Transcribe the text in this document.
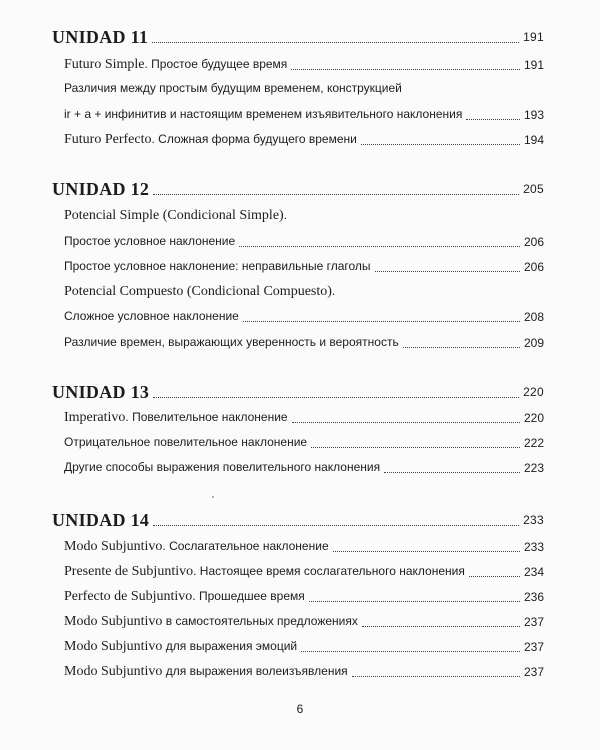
UNIDAD 11	191
Futuro Simple. Простое будущее время	191
Различия между простым будущим временем, конструкцией
ir + a + инфинитив и настоящим временем изъявительного наклонения	193
Futuro Perfecto. Сложная форма будущего времени	194
UNIDAD 12	205
Potencial Simple (Condicional Simple).
Простое условное наклонение	206
Простое условное наклонение: неправильные глаголы	206
Potencial Compuesto (Condicional Compuesto).
Сложное условное наклонение	208
Различие времен, выражающих уверенность и вероятность	209
UNIDAD 13	220
Imperativo. Повелительное наклонение	220
Отрицательное повелительное наклонение	222
Другие способы выражения повелительного наклонения	223
UNIDAD 14	233
Modo Subjuntivo. Сослагательное наклонение	233
Presente de Subjuntivo. Настоящее время сослагательного наклонения	234
Perfecto de Subjuntivo. Прошедшее время	236
Modo Subjuntivo в самостоятельных предложениях	237
Modo Subjuntivo для выражения эмоций	237
Modo Subjuntivo для выражения волеизъявления	237
6
